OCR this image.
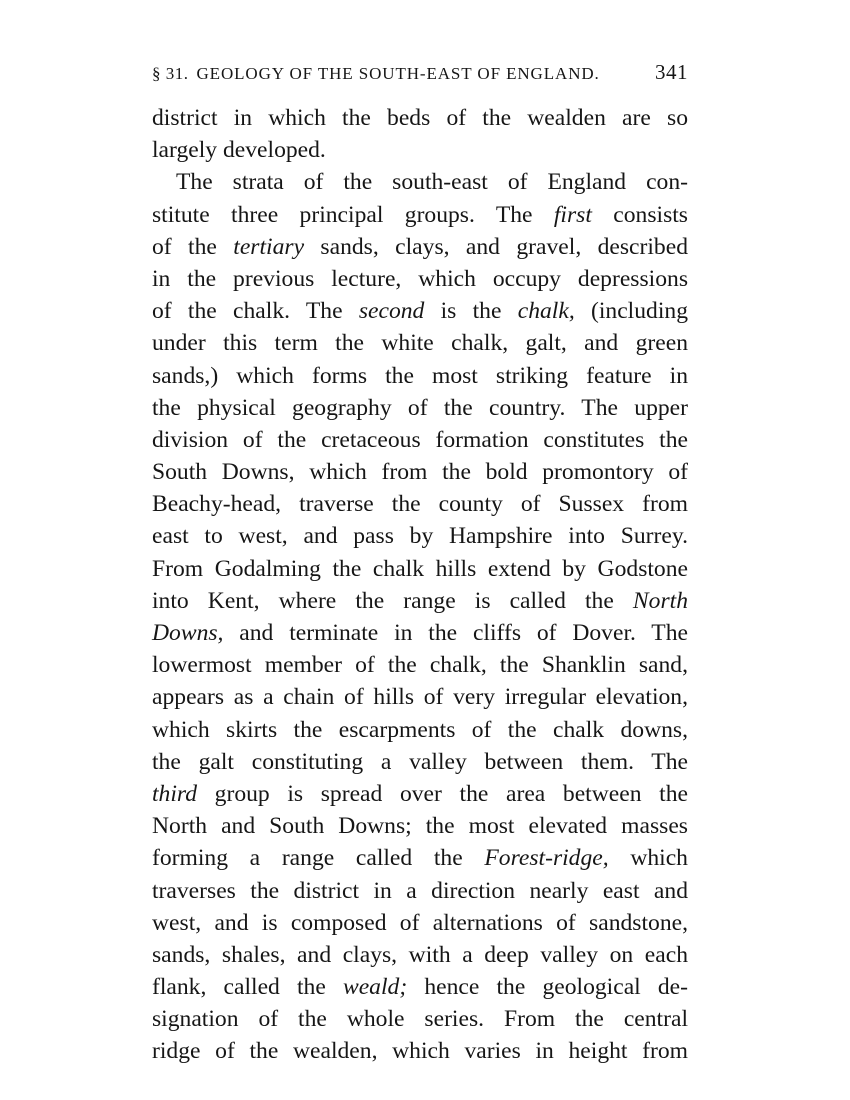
§ 31. GEOLOGY OF THE SOUTH-EAST OF ENGLAND.	341
district in which the beds of the wealden are so
largely developed.
The strata of the south-east of England con-
stitute three principal groups. The first consists
of the tertiary sands, clays, and gravel, described
in the previous lecture, which occupy depressions
of the chalk. The second is the chalk, (including
under this term the white chalk, galt, and green
sands,) which forms the most striking feature in
the physical geography of the country. The upper
division of the cretaceous formation constitutes the
South Downs, which from the bold promontory of
Beachy-head, traverse the county of Sussex from
east to west, and pass by Hampshire into Surrey.
From Godalming the chalk hills extend by Godstone
into Kent, where the range is called the North
Downs, and terminate in the cliffs of Dover. The
lowermost member of the chalk, the Shanklin sand,
appears as a chain of hills of very irregular elevation,
which skirts the escarpments of the chalk downs,
the galt constituting a valley between them. The
third group is spread over the area between the
North and South Downs; the most elevated masses
forming a range called the Forest-ridge, which
traverses the district in a direction nearly east and
west, and is composed of alternations of sandstone,
sands, shales, and clays, with a deep valley on each
flank, called the weald; hence the geological de-
signation of the whole series. From the central
ridge of the wealden, which varies in height from
